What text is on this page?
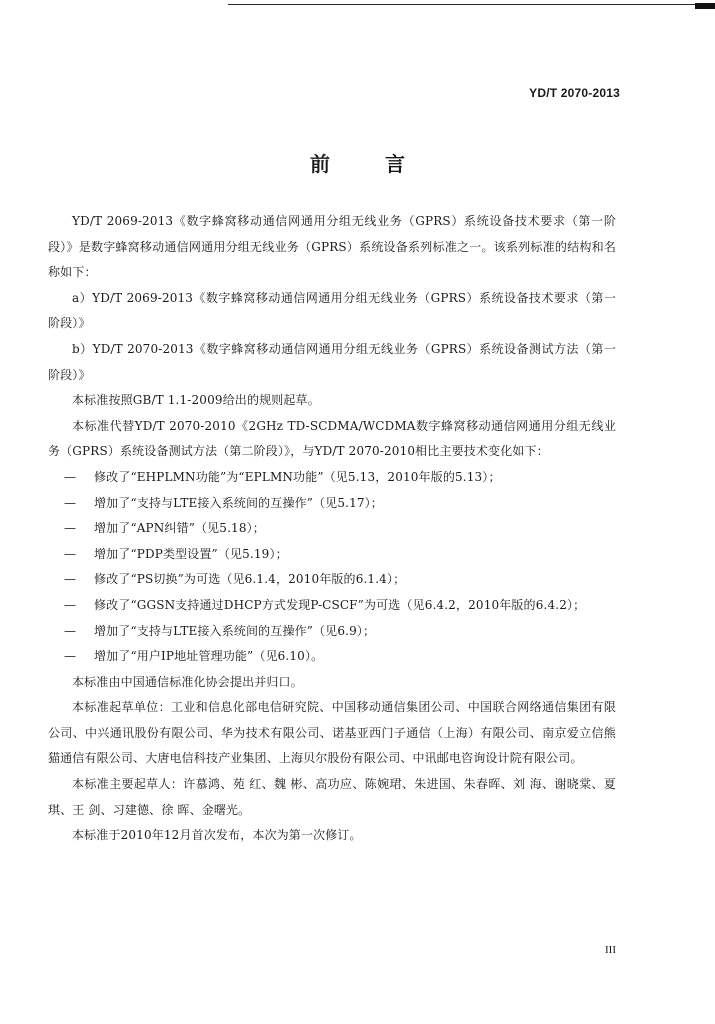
YD/T 2070-2013
前 言

YD/T 2069-2013《数字蜂窝移动通信网通用分组无线业务（GPRS）系统设备技术要求（第一阶段）》是数字蜂窝移动通信网通用分组无线业务（GPRS）系统设备系列标准之一。该系列标准的结构和名称如下：

a）YD/T 2069-2013《数字蜂窝移动通信网通用分组无线业务（GPRS）系统设备技术要求（第一阶段）》

b）YD/T 2070-2013《数字蜂窝移动通信网通用分组无线业务（GPRS）系统设备测试方法（第一阶段）》

本标准按照GB/T 1.1-2009给出的规则起草。

本标准代替YD/T 2070-2010《2GHz TD-SCDMA/WCDMA数字蜂窝移动通信网通用分组无线业务（GPRS）系统设备测试方法（第二阶段）》，与YD/T 2070-2010相比主要技术变化如下：

— 修改了“EHPLMN功能”为“EPLMN功能”（见5.13，2010年版的5.13）；
— 增加了“支持与LTE接入系统间的互操作”（见5.17）；
— 增加了“APN纠错”（见5.18）；
— 增加了“PDP类型设置”（见5.19）；
— 修改了“PS切换”为可选（见6.1.4，2010年版的6.1.4）；
— 修改了“GGSN支持通过DHCP方式发现P-CSCF”为可选（见6.4.2，2010年版的6.4.2）；
— 增加了“支持与LTE接入系统间的互操作”（见6.9）；
— 增加了“用户IP地址管理功能”（见6.10）。

本标准由中国通信标准化协会提出并归口。

本标准起草单位：工业和信息化部电信研究院、中国移动通信集团公司、中国联合网络通信集团有限公司、中兴通讯股份有限公司、华为技术有限公司、诺基亚西门子通信（上海）有限公司、南京爱立信熊猫通信有限公司、大唐电信科技产业集团、上海贝尔股份有限公司、中讯邮电咨询设计院有限公司。

本标准主要起草人：许慕鸿、苑 红、魏 彬、高功应、陈婉珺、朱进国、朱春晖、刘 海、谢晓棠、夏 琪、王 剑、习建德、徐 晖、金曙光。

本标准于2010年12月首次发布，本次为第一次修订。

III
